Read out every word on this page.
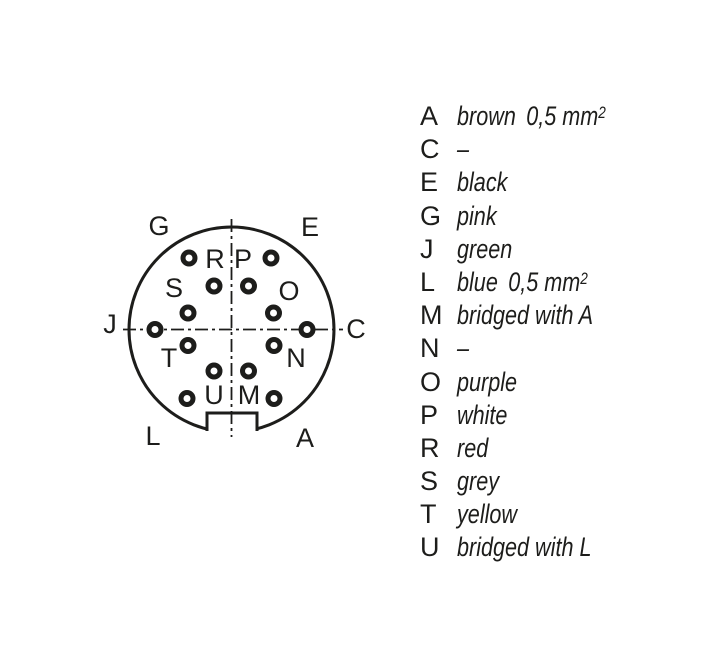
G	E
J	C
L	A
R P
S	O
T	N
U M
A brown 0,5 $mm^2$
C –
E black
G pink
J green
L blue 0,5 $mm^2$
M bridged with A
N –
O purple
P white
R red
S grey
T yellow
U bridged with L
